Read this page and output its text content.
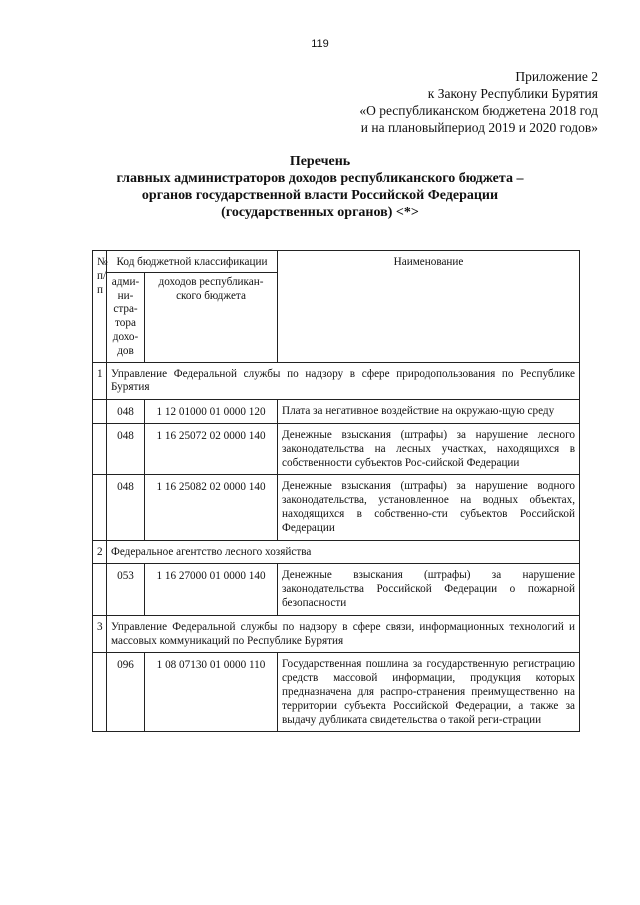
119
Приложение 2
к Закону Республики Бурятия
«О республиканском бюджетена 2018 год
и на плановыйпериод 2019 и 2020 годов»
Перечень
главных администраторов доходов республиканского бюджета –
органов государственной власти Российской Федерации
(государственных органов) <*>
№ п/п	Код бюджетной классификации		Наименование
	адми-ни-стра-тора дохо-дов	доходов республикан-ского бюджета	
1	Управление Федеральной службы по надзору в сфере природопользования по Республике Бурятия		
	048	1 12 01000 01 0000 120	Плата за негативное воздействие на окружаю-щую среду
	048	1 16 25072 02 0000 140	Денежные взыскания (штрафы) за нарушение лесного законодательства на лесных участках, находящихся в собственности субъектов Рос-сийской Федерации
	048	1 16 25082 02 0000 140	Денежные взыскания (штрафы) за нарушение водного законодательства, установленное на водных объектах, находящихся в собственно-сти субъектов Российской Федерации
2	Федеральное агентство лесного хозяйства		
	053	1 16 27000 01 0000 140	Денежные взыскания (штрафы) за нарушение законодательства Российской Федерации о пожарной безопасности
3	Управление Федеральной службы по надзору в сфере связи, информационных технологий и массовых коммуникаций по Республике Бурятия		
	096	1 08 07130 01 0000 110	Государственная пошлина за государственную регистрацию средств массовой информации, продукция которых предназначена для распро-странения преимущественно на территории субъекта Российской Федерации, а также за выдачу дубликата свидетельства о такой реги-страции
